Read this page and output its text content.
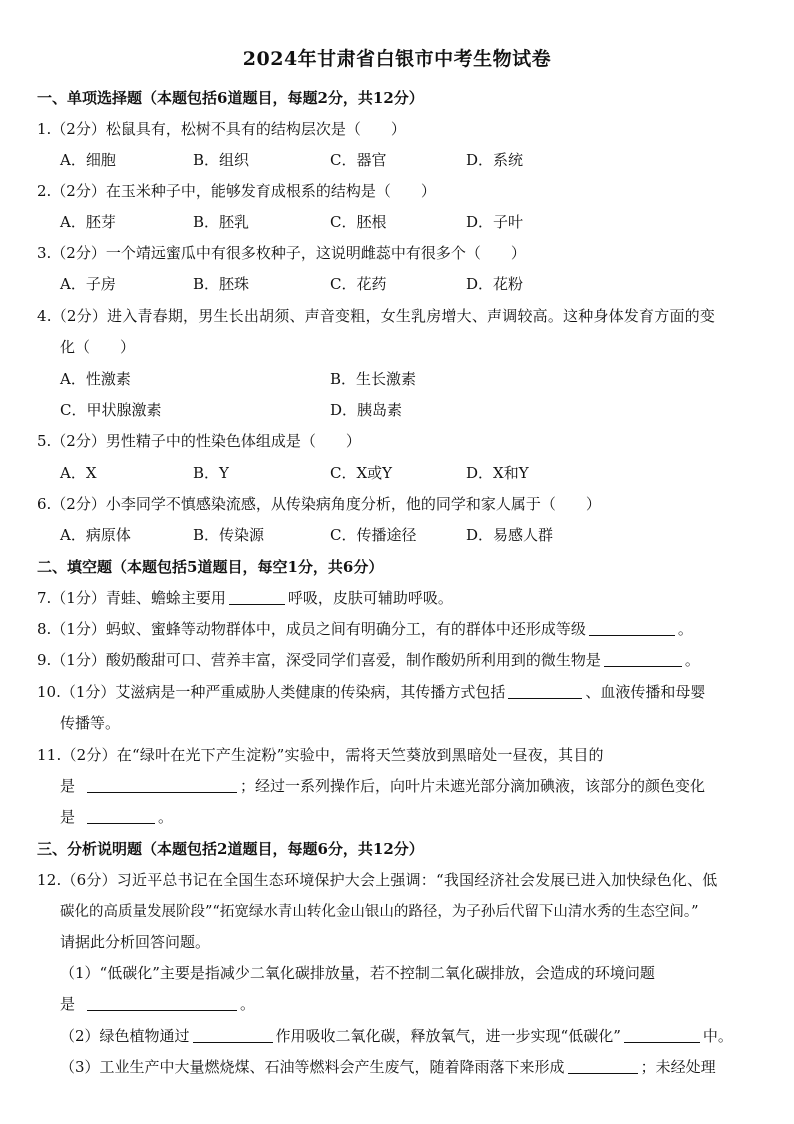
2024年甘肃省白银市中考生物试卷
一、单项选择题（本题包括6道题目，每题2分，共12分）
1.（2分）松鼠具有，松树不具有的结构层次是（　　）
A．细胞	B．组织	C．器官	D．系统
2.（2分）在玉米种子中，能够发育成根系的结构是（　　）
A．胚芽	B．胚乳	C．胚根	D．子叶
3.（2分）一个靖远蜜瓜中有很多枚种子，这说明雌蕊中有很多个（　　）
A．子房	B．胚珠	C．花药	D．花粉
4.（2分）进入青春期，男生长出胡须、声音变粗，女生乳房增大、声调较高。这种身体发育方面的变
化（　　）
A．性激素	B．生长激素
C．甲状腺激素	D．胰岛素
5.（2分）男性精子中的性染色体组成是（　　）
A．X	B．Y	C．X或Y	D．X和Y
6.（2分）小李同学不慎感染流感，从传染病角度分析，他的同学和家人属于（　　）
A．病原体	B．传染源	C．传播途径	D．易感人群
二、填空题（本题包括5道题目，每空1分，共6分）
7.（1分）青蛙、蟾蜍主要用	呼吸，皮肤可辅助呼吸。
8.（1分）蚂蚁、蜜蜂等动物群体中，成员之间有明确分工，有的群体中还形成等级	。
9.（1分）酸奶酸甜可口、营养丰富，深受同学们喜爱，制作酸奶所利用到的微生物是	。
10.（1分）艾滋病是一种严重威胁人类健康的传染病，其传播方式包括	、血液传播和母婴
传播等。
11.（2分）在“绿叶在光下产生淀粉”实验中，需将天竺葵放到黑暗处一昼夜，其目的
是	；经过一系列操作后，向叶片未遮光部分滴加碘液，该部分的颜色变化
是	。
三、分析说明题（本题包括2道题目，每题6分，共12分）
12.（6分）习近平总书记在全国生态环境保护大会上强调：“我国经济社会发展已进入加快绿色化、低
碳化的高质量发展阶段”“拓宽绿水青山转化金山银山的路径，为子孙后代留下山清水秀的生态空间。”
请据此分析回答问题。
（1）“低碳化”主要是指减少二氧化碳排放量，若不控制二氧化碳排放，会造成的环境问题
是	。
（2）绿色植物通过	作用吸收二氧化碳，释放氧气，进一步实现“低碳化”	中。
（3）工业生产中大量燃烧煤、石油等燃料会产生废气，随着降雨落下来形成	；未经处理
